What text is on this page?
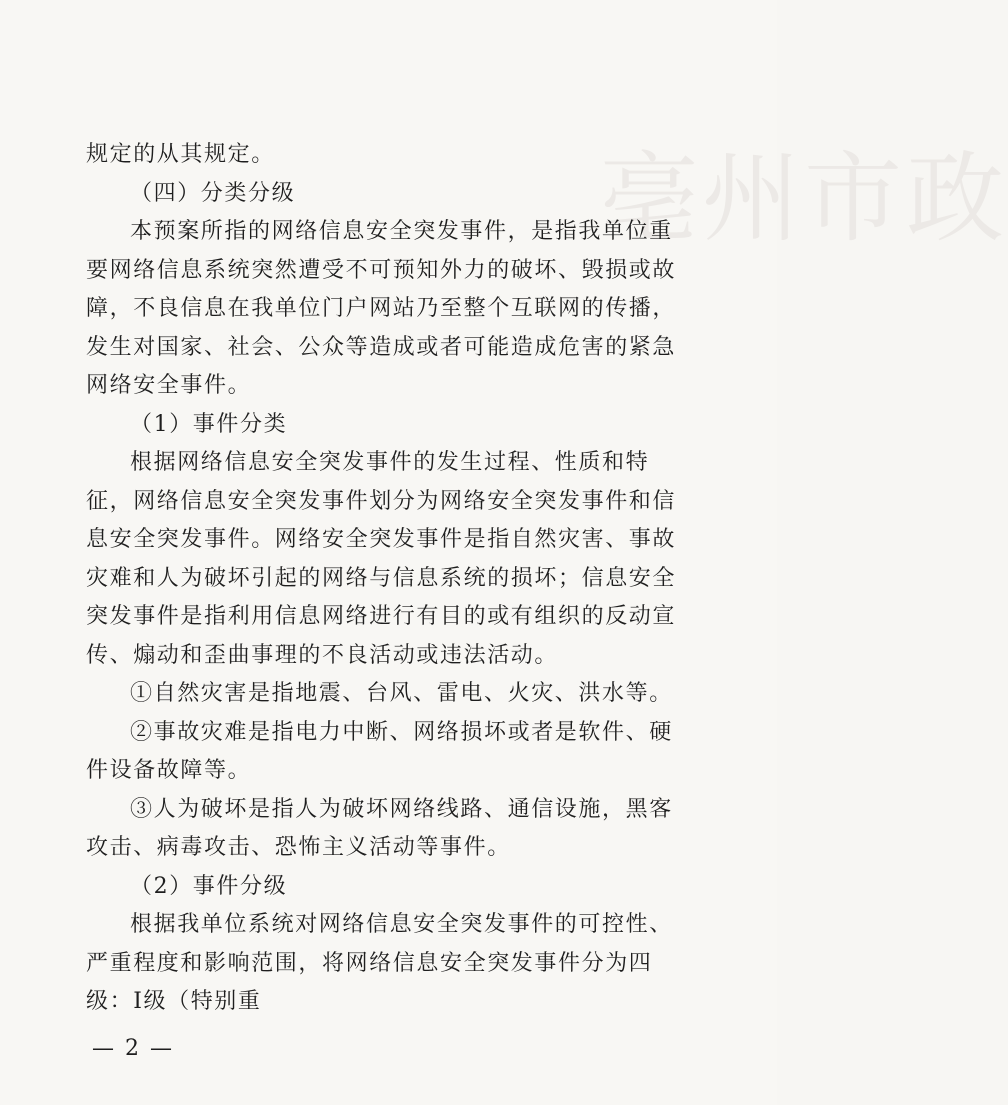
亳州市政

规定的从其规定。

（四）分类分级

本预案所指的网络信息安全突发事件，是指我单位重要网络信息系统突然遭受不可预知外力的破坏、毁损或故障，不良信息在我单位门户网站乃至整个互联网的传播，发生对国家、社会、公众等造成或者可能造成危害的紧急网络安全事件。

（1）事件分类

根据网络信息安全突发事件的发生过程、性质和特征，网络信息安全突发事件划分为网络安全突发事件和信息安全突发事件。网络安全突发事件是指自然灾害、事故灾难和人为破坏引起的网络与信息系统的损坏；信息安全突发事件是指利用信息网络进行有目的或有组织的反动宣传、煽动和歪曲事理的不良活动或违法活动。

①自然灾害是指地震、台风、雷电、火灾、洪水等。

②事故灾难是指电力中断、网络损坏或者是软件、硬件设备故障等。

③人为破坏是指人为破坏网络线路、通信设施，黑客攻击、病毒攻击、恐怖主义活动等事件。

（2）事件分级

根据我单位系统对网络信息安全突发事件的可控性、严重程度和影响范围，将网络信息安全突发事件分为四级：Ⅰ级（特别重

— 2 —
